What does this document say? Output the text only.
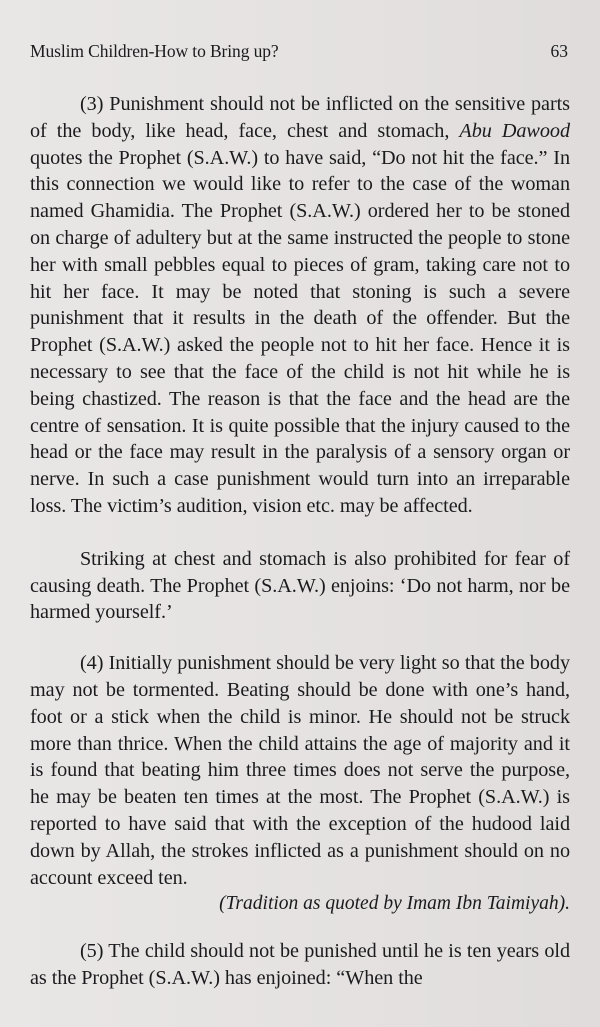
Muslim Children-How to Bring up?	63

(3) Punishment should not be inflicted on the sensitive parts of the body, like head, face, chest and stomach, Abu Dawood quotes the Prophet (S.A.W.) to have said, “Do not hit the face.” In this connection we would like to refer to the case of the woman named Ghamidia. The Prophet (S.A.W.) ordered her to be stoned on charge of adultery but at the same instructed the people to stone her with small pebbles equal to pieces of gram, taking care not to hit her face. It may be noted that stoning is such a severe punishment that it results in the death of the offender. But the Prophet (S.A.W.) asked the people not to hit her face. Hence it is necessary to see that the face of the child is not hit while he is being chastized. The reason is that the face and the head are the centre of sensation. It is quite possible that the injury caused to the head or the face may result in the paralysis of a sensory organ or nerve. In such a case punishment would turn into an irreparable loss. The victim’s audition, vision etc. may be affected.

Striking at chest and stomach is also prohibited for fear of causing death. The Prophet (S.A.W.) enjoins: ‘Do not harm, nor be harmed yourself.’

(4) Initially punishment should be very light so that the body may not be tormented. Beating should be done with one’s hand, foot or a stick when the child is minor. He should not be struck more than thrice. When the child attains the age of majority and it is found that beating him three times does not serve the purpose, he may be beaten ten times at the most. The Prophet (S.A.W.) is reported to have said that with the exception of the hudood laid down by Allah, the strokes inflicted as a punishment should on no account exceed ten.

(Tradition as quoted by Imam Ibn Taimiyah).

(5) The child should not be punished until he is ten years old as the Prophet (S.A.W.) has enjoined: “When the
